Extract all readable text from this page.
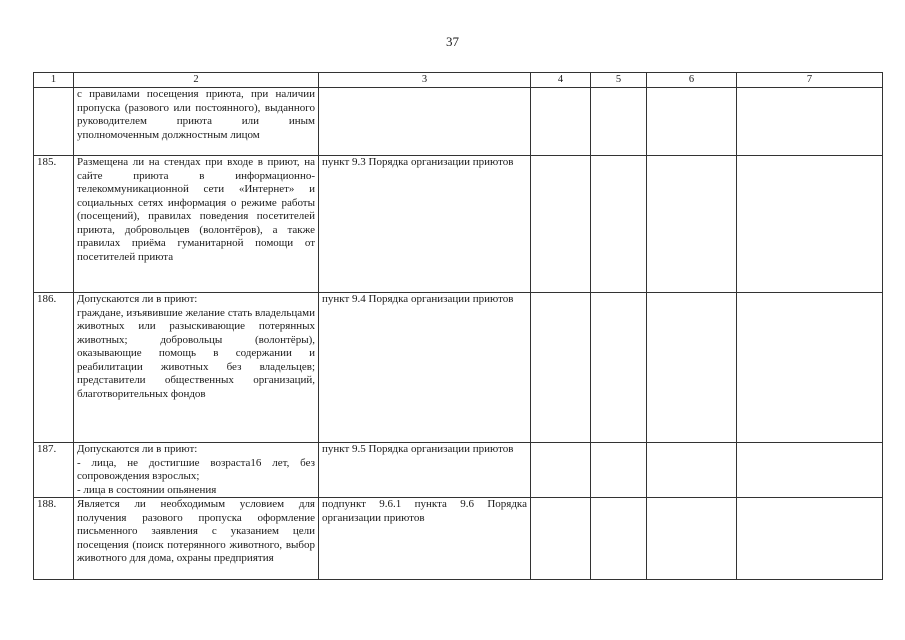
37
1	2	3	4	5	6	7
	с правилами посещения приюта, при наличии пропуска (разового или постоянного), выданного руководителем приюта или иным уполномоченным должностным лицом					
185.	Размещена ли на стендах при входе в приют, на сайте приюта в информационно-телекоммуникационной сети «Интернет» и социальных сетях информация о режиме работы (посещений), правилах поведения посетителей приюта, добровольцев (волонтёров), а также правилах приёма гуманитарной помощи от посетителей приюта	пункт 9.3 Порядка организации приютов				
186.	Допускаются ли в приют:
граждане, изъявившие желание стать владельцами животных или разыскивающие потерянных животных; добровольцы (волонтёры), оказывающие помощь в содержании и реабилитации животных без владельцев; представители общественных организаций, благотворительных фондов	пункт 9.4 Порядка организации приютов				
187.	Допускаются ли в приют:
- лица, не достигшие возраста16 лет, без сопровождения взрослых;
- лица в состоянии опьянения	пункт 9.5 Порядка организации приютов				
188.	Является ли необходимым условием для получения разового пропуска оформление письменного заявления с указанием цели посещения (поиск потерянного животного, выбор животного для дома, охраны предприятия	подпункт 9.6.1 пункта 9.6 Порядка организации приютов				
